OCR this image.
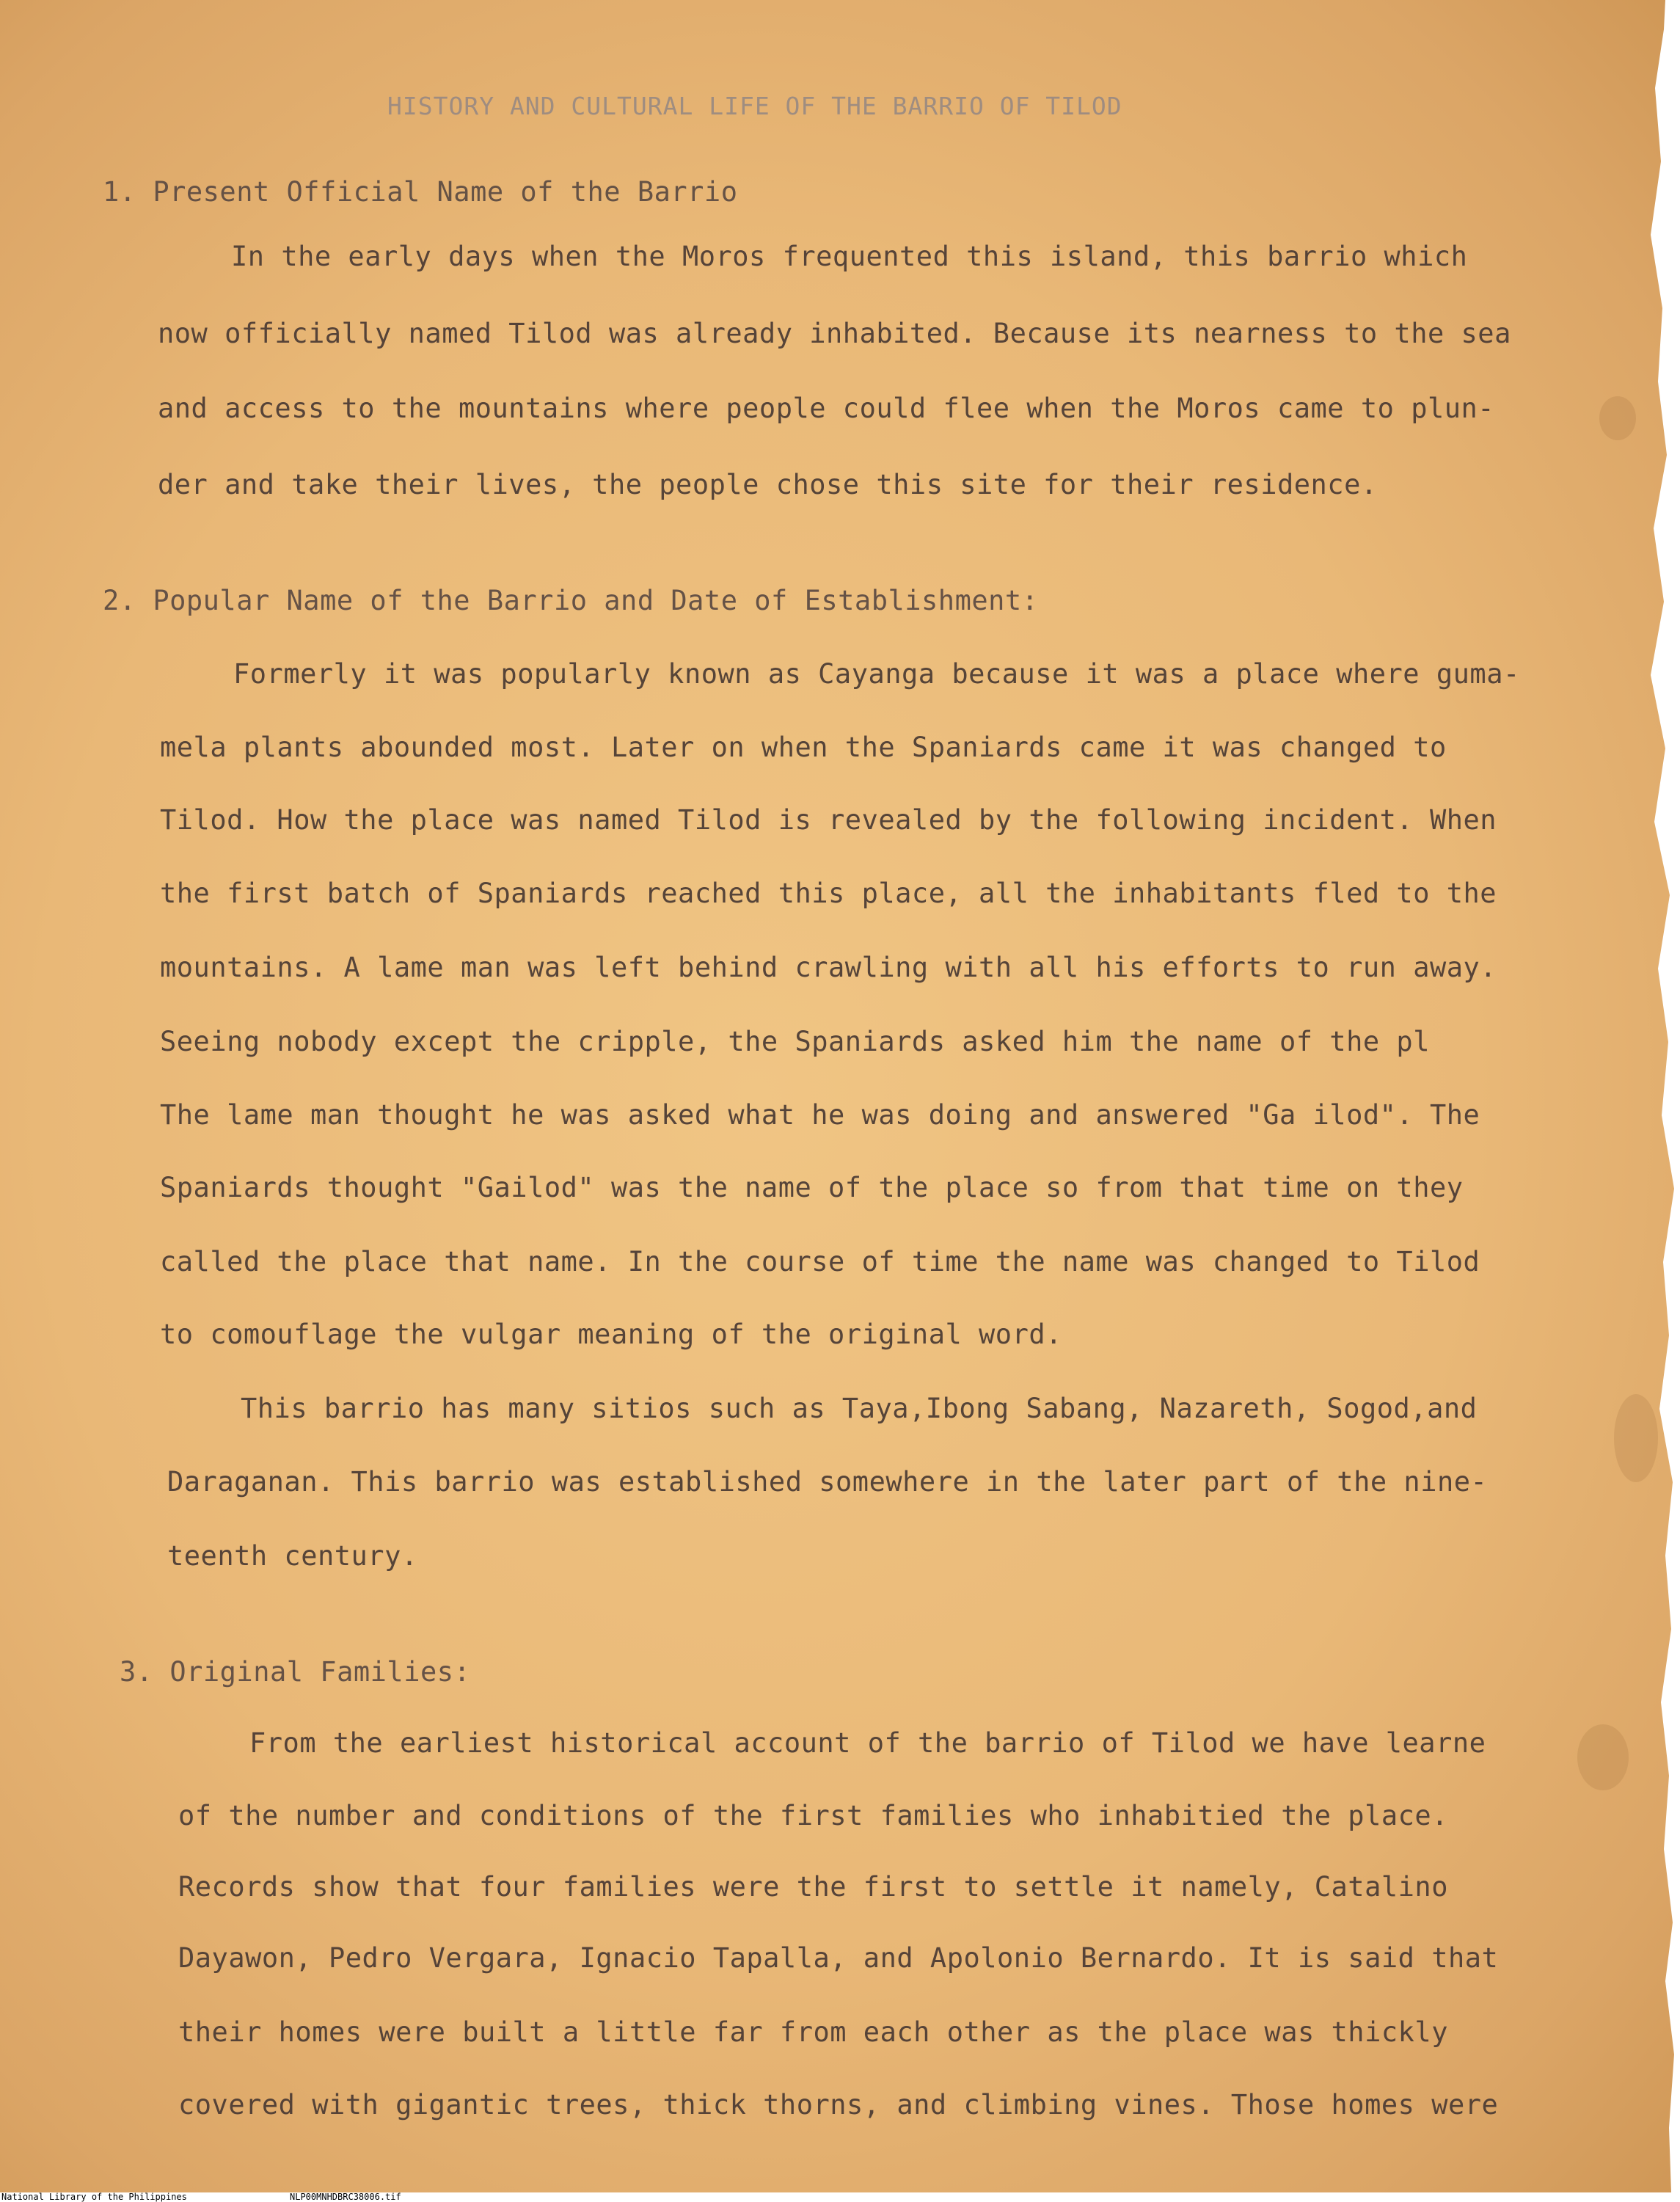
HISTORY AND CULTURAL LIFE OF THE BARRIO OF TILOD
1. Present Official Name of the Barrio
In the early days when the Moros frequented this island, this barrio which
now officially named Tilod was already inhabited. Because its nearness to the sea
and access to the mountains where people could flee when the Moros came to plun-
der and take their lives, the people chose this site for their residence.
2. Popular Name of the Barrio and Date of Establishment:
Formerly it was popularly known as Cayanga because it was a place where guma-
mela plants abounded most. Later on when the Spaniards came it was changed to
Tilod. How the place was named Tilod is revealed by the following incident. When
the first batch of Spaniards reached this place, all the inhabitants fled to the
mountains. A lame man was left behind crawling with all his efforts to run away.
Seeing nobody except the cripple, the Spaniards asked him the name of the pl
The lame man thought he was asked what he was doing and answered "Ga ilod". The
Spaniards thought "Gailod" was the name of the place so from that time on they
called the place that name. In the course of time the name was changed to Tilod
to comouflage the vulgar meaning of the original word.
This barrio has many sitios such as Taya,Ibong Sabang, Nazareth, Sogod,and
Daraganan. This barrio was established somewhere in the later part of the nine-
teenth century.
3. Original Families:
From the earliest historical account of the barrio of Tilod we have learne
of the number and conditions of the first families who inhabitied the place.
Records show that four families were the first to settle it namely, Catalino
Dayawon, Pedro Vergara, Ignacio Tapalla, and Apolonio Bernardo. It is said that
their homes were built a little far from each other as the place was thickly
covered with gigantic trees, thick thorns, and climbing vines. Those homes were
National Library of the Philippines	NLP00MNHDBRC38006.tif
